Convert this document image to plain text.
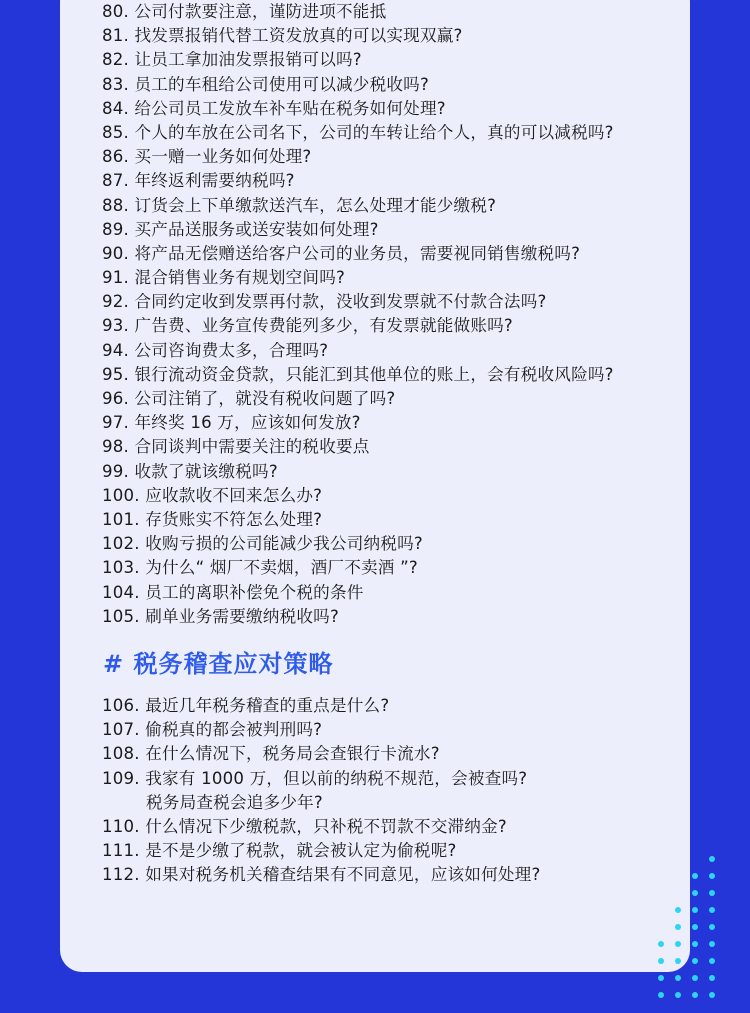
80. 公司付款要注意，谨防进项不能抵
81. 找发票报销代替工资发放真的可以实现双赢?
82. 让员工拿加油发票报销可以吗?
83. 员工的车租给公司使用可以减少税收吗?
84. 给公司员工发放车补车贴在税务如何处理?
85. 个人的车放在公司名下，公司的车转让给个人，真的可以减税吗?
86. 买一赠一业务如何处理?
87. 年终返利需要纳税吗?
88. 订货会上下单缴款送汽车，怎么处理才能少缴税?
89. 买产品送服务或送安装如何处理?
90. 将产品无偿赠送给客户公司的业务员，需要视同销售缴税吗?
91. 混合销售业务有规划空间吗?
92. 合同约定收到发票再付款，没收到发票就不付款合法吗?
93. 广告费、业务宣传费能列多少，有发票就能做账吗?
94. 公司咨询费太多，合理吗?
95. 银行流动资金贷款，只能汇到其他单位的账上，会有税收风险吗?
96. 公司注销了，就没有税收问题了吗?
97. 年终奖 16 万，应该如何发放?
98. 合同谈判中需要关注的税收要点
99. 收款了就该缴税吗?
100. 应收款收不回来怎么办?
101. 存货账实不符怎么处理?
102. 收购亏损的公司能减少我公司纳税吗?
103. 为什么“ 烟厂不卖烟，酒厂不卖酒 ”?
104. 员工的离职补偿免个税的条件
105. 刷单业务需要缴纳税收吗?
# 税务稽查应对策略
106. 最近几年税务稽查的重点是什么?
107. 偷税真的都会被判刑吗?
108. 在什么情况下，税务局会查银行卡流水?
109. 我家有 1000 万，但以前的纳税不规范，会被查吗?
税务局查税会追多少年?
110. 什么情况下少缴税款，只补税不罚款不交滞纳金?
111. 是不是少缴了税款，就会被认定为偷税呢?
112. 如果对税务机关稽查结果有不同意见，应该如何处理?
